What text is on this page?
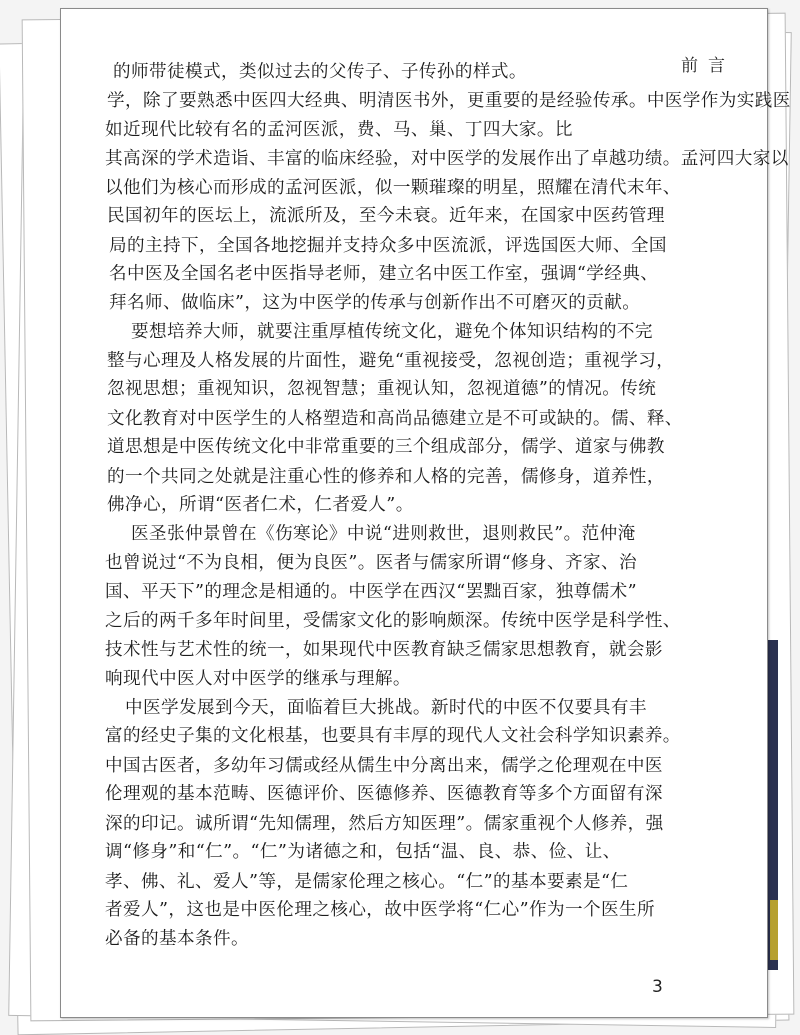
前言
的师带徒模式，类似过去的父传子、子传孙的样式。
学，除了要熟悉中医四大经典、明清医书外，更重要的是经验传承。中医学作为实践医
如近现代比较有名的孟河医派，费、马、巢、丁四大家。比
其高深的学术造诣、丰富的临床经验，对中医学的发展作出了卓越功绩。孟河四大家以
以他们为核心而形成的孟河医派，似一颗璀璨的明星，照耀在清代末年、
民国初年的医坛上，流派所及，至今未衰。近年来，在国家中医药管理
局的主持下，全国各地挖掘并支持众多中医流派，评选国医大师、全国
名中医及全国名老中医指导老师，建立名中医工作室，强调“学经典、
拜名师、做临床”，这为中医学的传承与创新作出不可磨灭的贡献。
要想培养大师，就要注重厚植传统文化，避免个体知识结构的不完
整与心理及人格发展的片面性，避免“重视接受，忽视创造；重视学习，
忽视思想；重视知识，忽视智慧；重视认知，忽视道德”的情况。传统
文化教育对中医学生的人格塑造和高尚品德建立是不可或缺的。儒、释、
道思想是中医传统文化中非常重要的三个组成部分，儒学、道家与佛教
的一个共同之处就是注重心性的修养和人格的完善，儒修身，道养性，
佛净心，所谓“医者仁术，仁者爱人”。
医圣张仲景曾在《伤寒论》中说“进则救世，退则救民”。范仲淹
也曾说过“不为良相，便为良医”。医者与儒家所谓“修身、齐家、治
国、平天下”的理念是相通的。中医学在西汉“罢黜百家，独尊儒术”
之后的两千多年时间里，受儒家文化的影响颇深。传统中医学是科学性、
技术性与艺术性的统一，如果现代中医教育缺乏儒家思想教育，就会影
响现代中医人对中医学的继承与理解。
中医学发展到今天，面临着巨大挑战。新时代的中医不仅要具有丰
富的经史子集的文化根基，也要具有丰厚的现代人文社会科学知识素养。
中国古医者，多幼年习儒或经从儒生中分离出来，儒学之伦理观在中医
伦理观的基本范畴、医德评价、医德修养、医德教育等多个方面留有深
深的印记。诚所谓“先知儒理，然后方知医理”。儒家重视个人修养，强
调“修身”和“仁”。“仁”为诸德之和，包括“温、良、恭、俭、让、
孝、佛、礼、爱人”等，是儒家伦理之核心。“仁”的基本要素是“仁
者爱人”，这也是中医伦理之核心，故中医学将“仁心”作为一个医生所
必备的基本条件。
3
